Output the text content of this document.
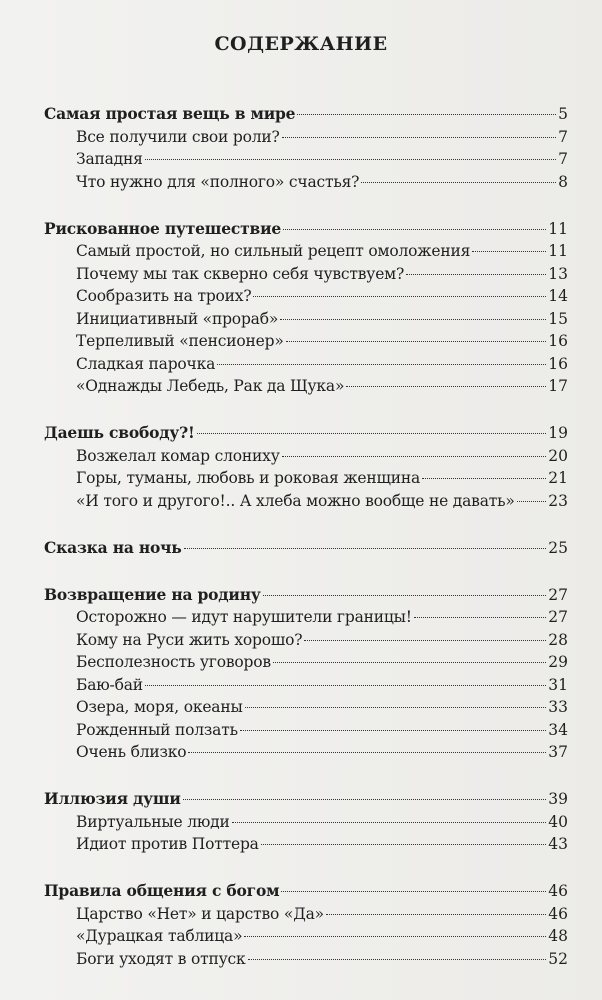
СОДЕРЖАНИЕ
Самая простая вещь в мире	5
Все получили свои роли?	7
Западня	7
Что нужно для «полного» счастья?	8
Рискованное путешествие	11
Самый простой, но сильный рецепт омоложения	11
Почему мы так скверно себя чувствуем?	13
Сообразить на троих?	14
Инициативный «прораб»	15
Терпеливый «пенсионер»	16
Сладкая парочка	16
«Однажды Лебедь, Рак да Щука»	17
Даешь свободу?!	19
Возжелал комар слониху	20
Горы, туманы, любовь и роковая женщина	21
«И того и другого!.. А хлеба можно вообще не давать» 23
Сказка на ночь	25
Возвращение на родину	27
Осторожно — идут нарушители границы!	27
Кому на Руси жить хорошо?	28
Бесполезность уговоров	29
Баю-бай	31
Озера, моря, океаны	33
Рожденный ползать	34
Очень близко	37
Иллюзия души	39
Виртуальные люди	40
Идиот против Поттера	43
Правила общения с богом	46
Царство «Нет» и царство «Да»	46
«Дурацкая таблица»	48
Боги уходят в отпуск	52
